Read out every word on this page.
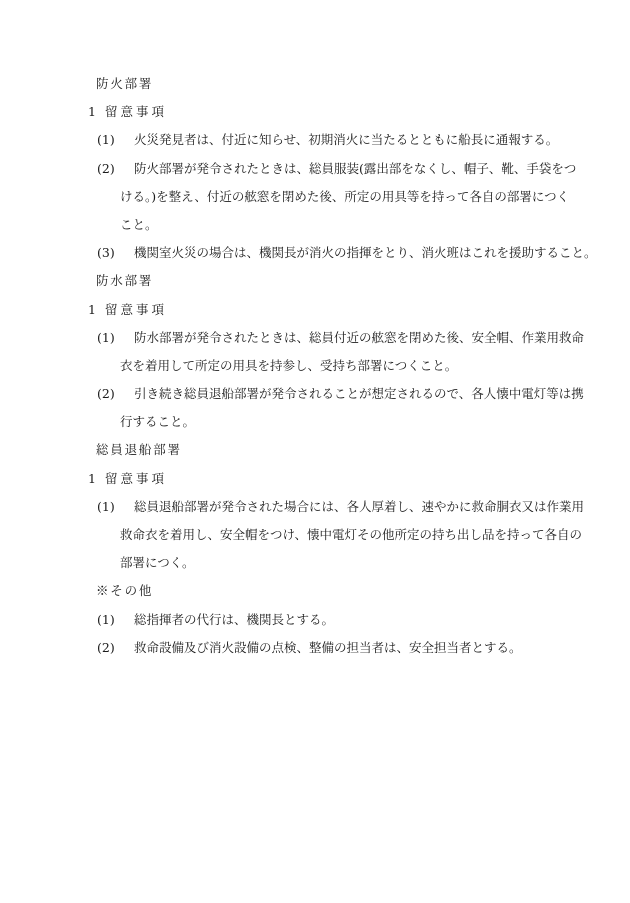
防火部署
1 留意事項
(1) 火災発見者は、付近に知らせ、初期消火に当たるとともに船長に通報する。
(2) 防火部署が発令されたときは、総員服装(露出部をなくし、帽子、靴、手袋をつ
ける。)を整え、付近の舷窓を閉めた後、所定の用具等を持って各自の部署につく
こと。
(3) 機関室火災の場合は、機関長が消火の指揮をとり、消火班はこれを援助すること。
防水部署
1 留意事項
(1) 防水部署が発令されたときは、総員付近の舷窓を閉めた後、安全帽、作業用救命
衣を着用して所定の用具を持参し、受持ち部署につくこと。
(2) 引き続き総員退船部署が発令されることが想定されるので、各人懐中電灯等は携
行すること。
総員退船部署
1 留意事項
(1) 総員退船部署が発令された場合には、各人厚着し、速やかに救命胴衣又は作業用
救命衣を着用し、安全帽をつけ、懐中電灯その他所定の持ち出し品を持って各自の
部署につく。
※その他
(1) 総指揮者の代行は、機関長とする。
(2) 救命設備及び消火設備の点検、整備の担当者は、安全担当者とする。
